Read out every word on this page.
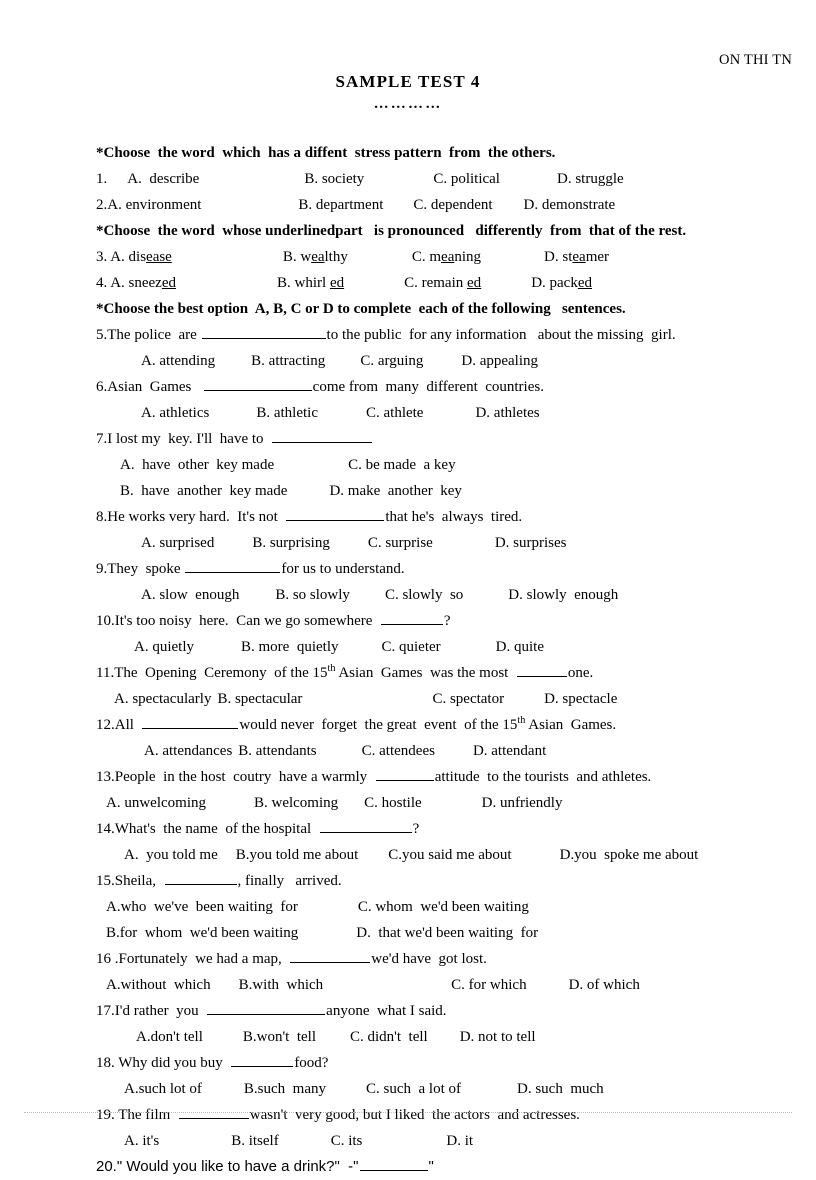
ON THI TN
SAMPLE TEST 4
…………
*Choose  the word  which  has a diffent  stress pattern  from  the others.
1. A.  describe	B. society	C. political	D. struggle
2.A. environment	B. department C. dependent D. demonstrate
*Choose  the word  whose underlinedpart   is pronounced   differently  from  that of the rest.
3. A. disease	B. wealthy	C. meaning	D. steamer
4. A. sneezed	B. whirl ed	C. remain ed	D. packed
*Choose the best option  A, B, C or D to complete  each of the following   sentences.
5.The police  are	to the public  for any information   about the missing  girl.
A. attending B. attracting C. arguing	D. appealing
6.Asian  Games	come from  many  different  countries.
A. athletics	B. athletic	C. athlete	D. athletes
7.I lost my  key. I'll  have to
A.  have  other  key made	C. be made  a key
B.  have  another  key made	D. make  another  key
8.He works very hard.  It's not	that he's  always  tired.
A. surprised	B. surprising	C. surprise	D. surprises
9.They  spoke	for us to understand.
A. slow  enough B. so slowly C. slowly  so	D. slowly  enough
10.It's too noisy  here.  Can we go somewhere	?
A. quietly	B. more  quietly	C. quieter	D. quite
11.The  Opening  Ceremony  of the 15th Asian  Games  was the most	one.
A. spectacularly B. spectacular	C. spectator	D. spectacle
12.All	would never  forget  the great  event  of the 15th Asian  Games.
A. attendances B. attendants	C. attendees	D. attendant
13.People  in the host  coutry  have a warmly	attitude  to the tourists  and athletes.
A. unwelcoming	B. welcoming C. hostile	D. unfriendly
14.What's  the name  of the hospital	?
A.  you told me B.you told me about C.you said me about	D.you  spoke me about
15.Sheila,	, finally   arrived.
A.who  we've  been waiting  for	C. whom  we'd been waiting
B.for  whom  we'd been waiting	D.  that we'd been waiting  for
16 .Fortunately  we had a map,	we'd have  got lost.
A.without  which B.with  which	C. for which	D. of which
17.I'd rather  you	anyone  what I said.
A.don't tell	B.won't  tell C. didn't  tell D. not to tell
18. Why did you buy	food?
A.such lot of	B.such  many	C. such  a lot of	D. such  much
19. The film	wasn't  very good, but I liked  the actors  and actresses.
A. it's	B. itself	C. its	D. it
20." Would you like to have a drink?"  -"	"
